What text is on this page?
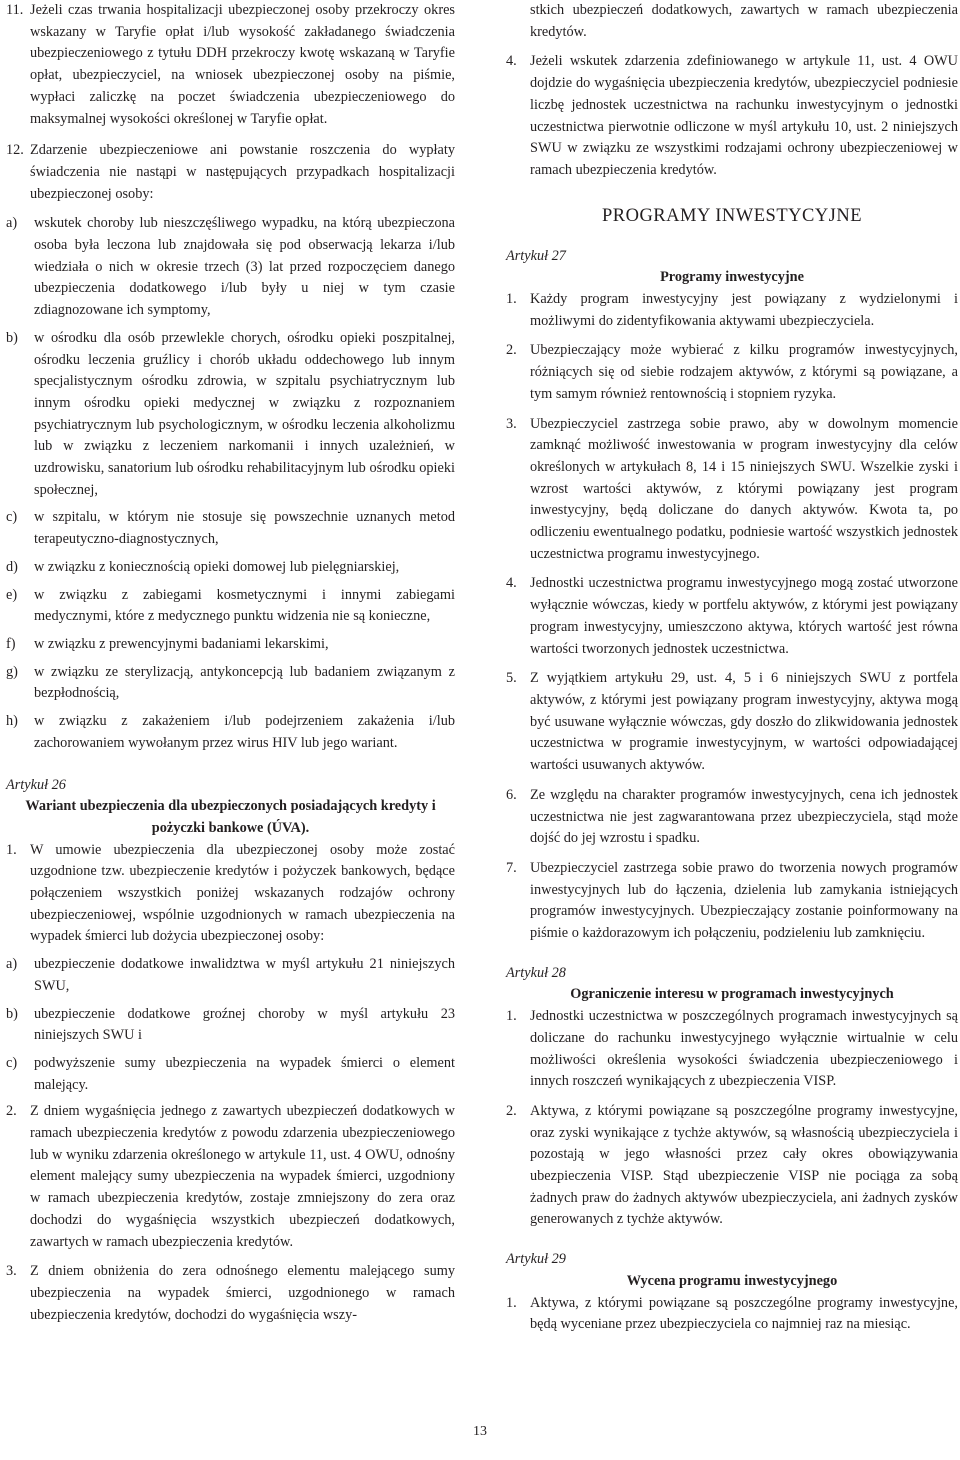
11. Jeżeli czas trwania hospitalizacji ubezpieczonej osoby przekroczy okres wskazany w Taryfie opłat i/lub wysokość zakładanego świadczenia ubezpieczeniowego z tytułu DDH przekroczy kwotę wskazaną w Taryfie opłat, ubezpieczyciel, na wniosek ubezpieczonej osoby na piśmie, wypłaci zaliczkę na poczet świadczenia ubezpieczeniowego do maksymalnej wysokości określonej w Taryfie opłat.
12. Zdarzenie ubezpieczeniowe ani powstanie roszczenia do wypłaty świadczenia nie nastąpi w następujących przypadkach hospitalizacji ubezpieczonej osoby:
a) wskutek choroby lub nieszczęśliwego wypadku, na którą ubezpieczona osoba była leczona lub znajdowała się pod obserwacją lekarza i/lub wiedziała o nich w okresie trzech (3) lat przed rozpoczęciem danego ubezpieczenia dodatkowego i/lub były u niej w tym czasie zdiagnozowane ich symptomy,
b) w ośrodku dla osób przewlekle chorych, ośrodku opieki poszpitalnej, ośrodku leczenia gruźlicy i chorób układu oddechowego lub innym specjalistycznym ośrodku zdrowia, w szpitalu psychiatrycznym lub innym ośrodku opieki medycznej w związku z rozpoznaniem psychiatrycznym lub psychologicznym, w ośrodku leczenia alkoholizmu lub w związku z leczeniem narkomanii i innych uzależnień, w uzdrowisku, sanatorium lub ośrodku rehabilitacyjnym lub ośrodku opieki społecznej,
c) w szpitalu, w którym nie stosuje się powszechnie uznanych metod terapeutyczno-diagnostycznych,
d) w związku z koniecznością opieki domowej lub pielęgniarskiej,
e) w związku z zabiegami kosmetycznymi i innymi zabiegami medycznymi, które z medycznego punktu widzenia nie są konieczne,
f) w związku z prewencyjnymi badaniami lekarskimi,
g) w związku ze sterylizacją, antykoncepcją lub badaniem związanym z bezpłodnością,
h) w związku z zakażeniem i/lub podejrzeniem zakażenia i/lub zachorowaniem wywołanym przez wirus HIV lub jego wariant.
Artykuł 26
Wariant ubezpieczenia dla ubezpieczonych posiadających kredyty i pożyczki bankowe (ÚVA).
1. W umowie ubezpieczenia dla ubezpieczonej osoby może zostać uzgodnione tzw. ubezpieczenie kredytów i pożyczek bankowych, będące połączeniem wszystkich poniżej wskazanych rodzajów ochrony ubezpieczeniowej, wspólnie uzgodnionych w ramach ubezpieczenia na wypadek śmierci lub dożycia ubezpieczonej osoby:
a) ubezpieczenie dodatkowe inwalidztwa w myśl artykułu 21 niniejszych SWU,
b) ubezpieczenie dodatkowe groźnej choroby w myśl artykułu 23 niniejszych SWU i
c) podwyższenie sumy ubezpieczenia na wypadek śmierci o element malejący.
2. Z dniem wygaśnięcia jednego z zawartych ubezpieczeń dodatkowych w ramach ubezpieczenia kredytów z powodu zdarzenia ubezpieczeniowego lub w wyniku zdarzenia określonego w artykule 11, ust. 4 OWU, odnośny element malejący sumy ubezpieczenia na wypadek śmierci, uzgodniony w ramach ubezpieczenia kredytów, zostaje zmniejszony do zera oraz dochodzi do wygaśnięcia wszystkich ubezpieczeń dodatkowych, zawartych w ramach ubezpieczenia kredytów.
3. Z dniem obniżenia do zera odnośnego elementu malejącego sumy ubezpieczenia na wypadek śmierci, uzgodnionego w ramach ubezpieczenia kredytów, dochodzi do wygaśnięcia wszy-
stkich ubezpieczeń dodatkowych, zawartych w ramach ubezpieczenia kredytów.
4. Jeżeli wskutek zdarzenia zdefiniowanego w artykule 11, ust. 4 OWU dojdzie do wygaśnięcia ubezpieczenia kredytów, ubezpieczyciel podniesie liczbę jednostek uczestnictwa na rachunku inwestycyjnym o jednostki uczestnictwa pierwotnie odliczone w myśl artykułu 10, ust. 2 niniejszych SWU w związku ze wszystkimi rodzajami ochrony ubezpieczeniowej w ramach ubezpieczenia kredytów.
PROGRAMY INWESTYCYJNE
Artykuł 27
Programy inwestycyjne
1. Każdy program inwestycyjny jest powiązany z wydzielonymi i możliwymi do zidentyfikowania aktywami ubezpieczyciela.
2. Ubezpieczający może wybierać z kilku programów inwestycyjnych, różniących się od siebie rodzajem aktywów, z którymi są powiązane, a tym samym również rentownością i stopniem ryzyka.
3. Ubezpieczyciel zastrzega sobie prawo, aby w dowolnym momencie zamknąć możliwość inwestowania w program inwestycyjny dla celów określonych w artykułach 8, 14 i 15 niniejszych SWU. Wszelkie zyski i wzrost wartości aktywów, z którymi powiązany jest program inwestycyjny, będą doliczane do danych aktywów. Kwota ta, po odliczeniu ewentualnego podatku, podniesie wartość wszystkich jednostek uczestnictwa programu inwestycyjnego.
4. Jednostki uczestnictwa programu inwestycyjnego mogą zostać utworzone wyłącznie wówczas, kiedy w portfelu aktywów, z którymi jest powiązany program inwestycyjny, umieszczono aktywa, których wartość jest równa wartości tworzonych jednostek uczestnictwa.
5. Z wyjątkiem artykułu 29, ust. 4, 5 i 6 niniejszych SWU z portfela aktywów, z którymi jest powiązany program inwestycyjny, aktywa mogą być usuwane wyłącznie wówczas, gdy doszło do zlikwidowania jednostek uczestnictwa w programie inwestycyjnym, w wartości odpowiadającej wartości usuwanych aktywów.
6. Ze względu na charakter programów inwestycyjnych, cena ich jednostek uczestnictwa nie jest zagwarantowana przez ubezpieczyciela, stąd może dojść do jej wzrostu i spadku.
7. Ubezpieczyciel zastrzega sobie prawo do tworzenia nowych programów inwestycyjnych lub do łączenia, dzielenia lub zamykania istniejących programów inwestycyjnych. Ubezpieczający zostanie poinformowany na piśmie o każdorazowym ich połączeniu, podzieleniu lub zamknięciu.
Artykuł 28
Ograniczenie interesu w programach inwestycyjnych
1. Jednostki uczestnictwa w poszczególnych programach inwestycyjnych są doliczane do rachunku inwestycyjnego wyłącznie wirtualnie w celu możliwości określenia wysokości świadczenia ubezpieczeniowego i innych roszczeń wynikających z ubezpieczenia VISP.
2. Aktywa, z którymi powiązane są poszczególne programy inwestycyjne, oraz zyski wynikające z tychże aktywów, są własnością ubezpieczyciela i pozostają w jego własności przez cały okres obowiązywania ubezpieczenia VISP. Stąd ubezpieczenie VISP nie pociąga za sobą żadnych praw do żadnych aktywów ubezpieczyciela, ani żadnych zysków generowanych z tychże aktywów.
Artykuł 29
Wycena programu inwestycyjnego
1. Aktywa, z którymi powiązane są poszczególne programy inwestycyjne, będą wyceniane przez ubezpieczyciela co najmniej raz na miesiąc.
13
